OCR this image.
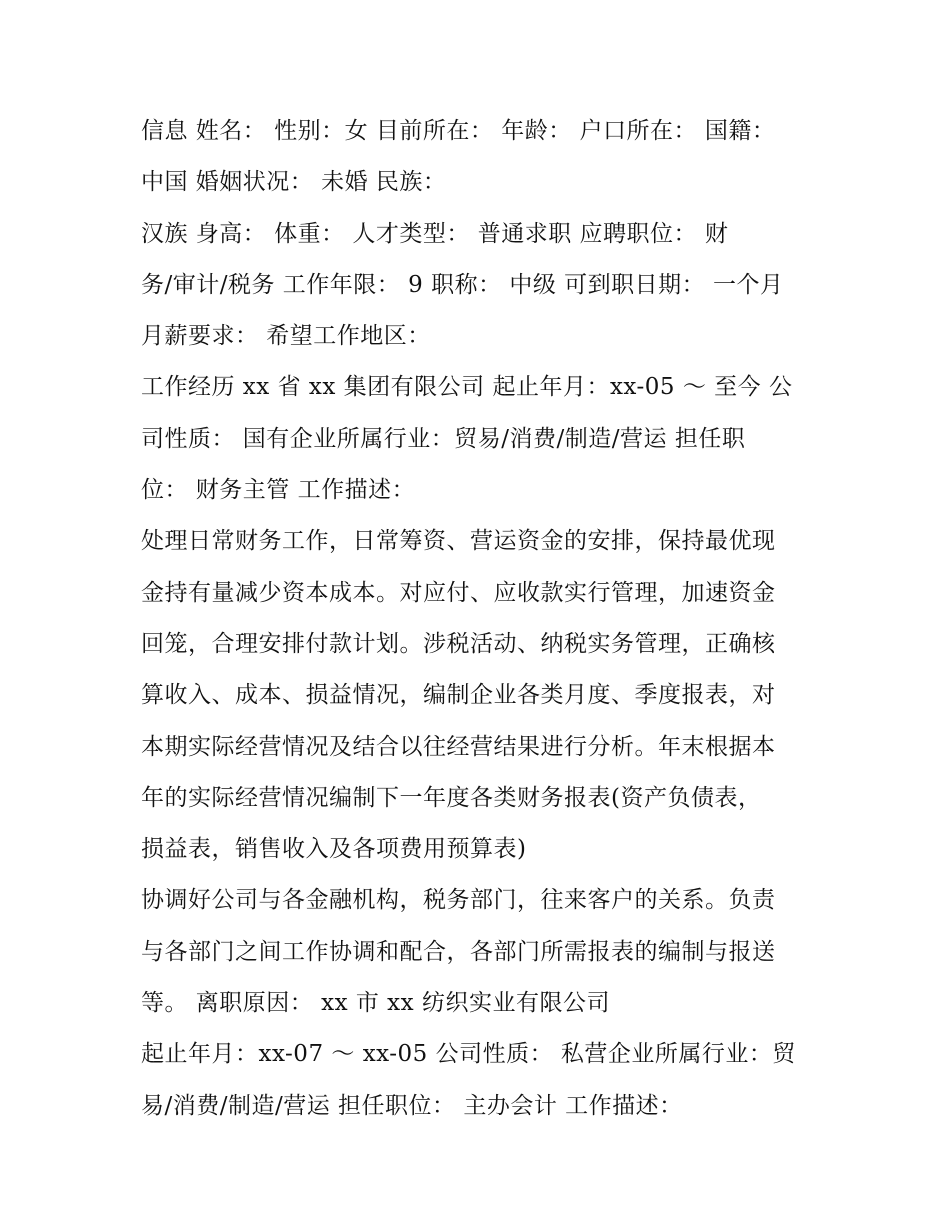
信息 姓名： 性别：女 目前所在： 年龄： 户口所在： 国籍：
中国 婚姻状况： 未婚 民族：
汉族 身高： 体重： 人才类型： 普通求职 应聘职位： 财
务/审计/税务 工作年限： 9 职称： 中级 可到职日期： 一个月
月薪要求： 希望工作地区：
工作经历 xx 省 xx 集团有限公司 起止年月：xx-05 ～ 至今 公
司性质： 国有企业所属行业：贸易/消费/制造/营运 担任职
位： 财务主管 工作描述：
处理日常财务工作，日常筹资、营运资金的安排，保持最优现
金持有量减少资本成本。对应付、应收款实行管理，加速资金
回笼，合理安排付款计划。涉税活动、纳税实务管理，正确核
算收入、成本、损益情况，编制企业各类月度、季度报表，对
本期实际经营情况及结合以往经营结果进行分析。年末根据本
年的实际经营情况编制下一年度各类财务报表(资产负债表，
损益表，销售收入及各项费用预算表)
协调好公司与各金融机构，税务部门，往来客户的关系。负责
与各部门之间工作协调和配合，各部门所需报表的编制与报送
等。 离职原因： xx 市 xx 纺织实业有限公司
起止年月：xx-07 ～ xx-05 公司性质： 私营企业所属行业：贸
易/消费/制造/营运 担任职位： 主办会计 工作描述：
